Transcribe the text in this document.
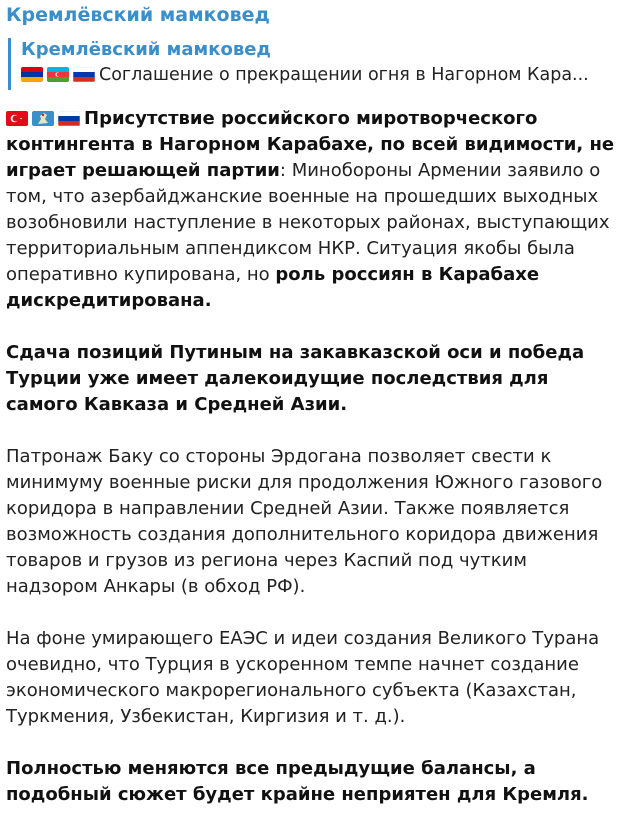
Кремлёвский мамковед
Кремлёвский мамковед
Соглашение о прекращении огня в Нагорном Кара...

Присутствие российского миротворческого контингента в Нагорном Карабахе, по всей видимости, не играет решающей партии: Минобороны Армении заявило о том, что азербайджанские военные на прошедших выходных возобновили наступление в некоторых районах, выступающих территориальным аппендиксом НКР. Ситуация якобы была оперативно купирована, но роль россиян в Карабахе дискредитирована.

Сдача позиций Путиным на закавказской оси и победа Турции уже имеет далекоидущие последствия для самого Кавказа и Средней Азии.

Патронаж Баку со стороны Эрдогана позволяет свести к минимуму военные риски для продолжения Южного газового коридора в направлении Средней Азии. Также появляется возможность создания дополнительного коридора движения товаров и грузов из региона через Каспий под чутким надзором Анкары (в обход РФ).

На фоне умирающего ЕАЭС и идеи создания Великого Турана очевидно, что Турция в ускоренном темпе начнет создание экономического макрорегионального субъекта (Казахстан, Туркмения, Узбекистан, Киргизия и т. д.).

Полностью меняются все предыдущие балансы, а подобный сюжет будет крайне неприятен для Кремля.
